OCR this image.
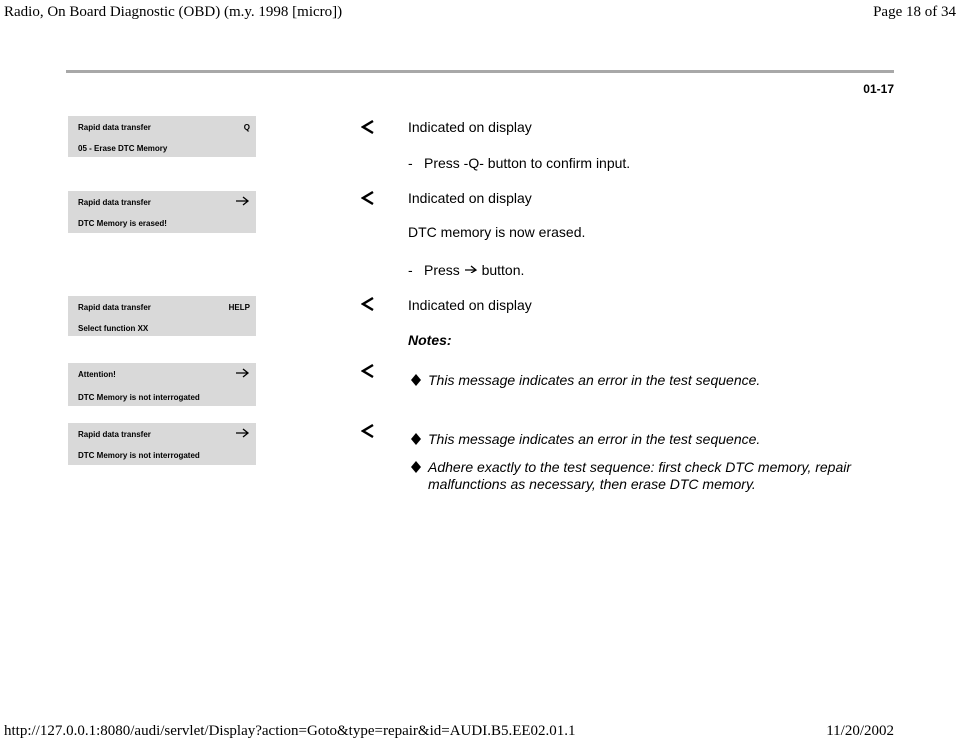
Radio, On Board Diagnostic (OBD) (m.y. 1998 [micro])	Page 18 of 34
01-17
Rapid data transfer	Q
05 - Erase DTC Memory
Indicated on display
- Press -Q- button to confirm input.
Rapid data transfer
DTC Memory is erased!
Indicated on display
DTC memory is now erased.
- Press button.
Rapid data transfer	HELP
Select function XX
Indicated on display
Notes:
Attention!
DTC Memory is not interrogated
This message indicates an error in the test sequence.
Rapid data transfer
DTC Memory is not interrogated
This message indicates an error in the test sequence.
Adhere exactly to the test sequence: first check DTC memory, repair malfunctions as necessary, then erase DTC memory.
http://127.0.0.1:8080/audi/servlet/Display?action=Goto&type=repair&id=AUDI.B5.EE02.01.1	11/20/2002
